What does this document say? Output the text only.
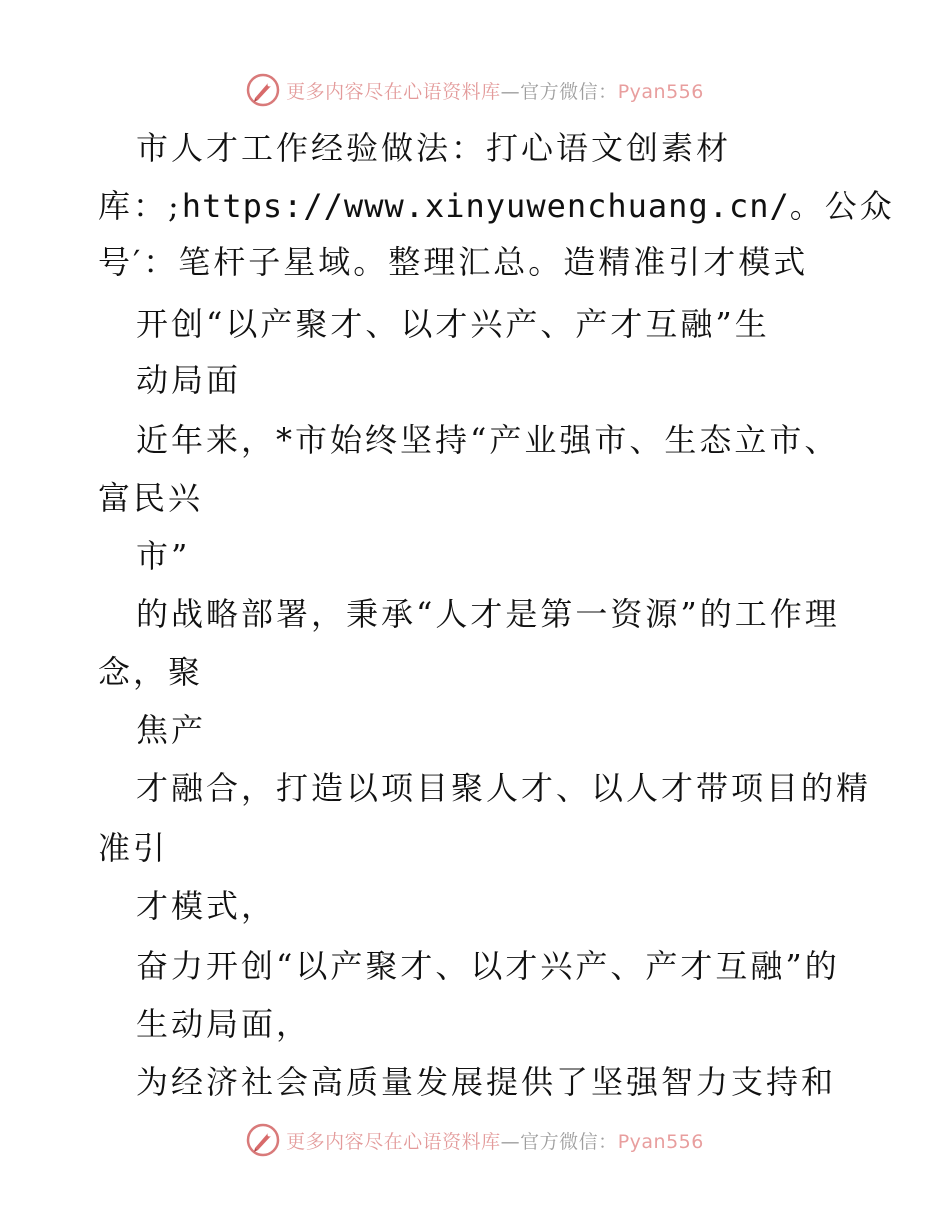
更多内容尽在心语资料库—官方微信：Pyan556
市人才工作经验做法：打心语文创素材
库：;https://www.xinyuwenchuang.cn/。公众
号′：笔杆子星域。整理汇总。造精准引才模式
开创“以产聚才、以才兴产、产才互融”生
动局面
近年来，*市始终坚持“产业强市、生态立市、
富民兴
市”
的战略部署，秉承“人才是第一资源”的工作理
念，聚
焦产
才融合，打造以项目聚人才、以人才带项目的精
准引
才模式，
奋力开创“以产聚才、以才兴产、产才互融”的
生动局面，
为经济社会高质量发展提供了坚强智力支持和
更多内容尽在心语资料库—官方微信：Pyan556
